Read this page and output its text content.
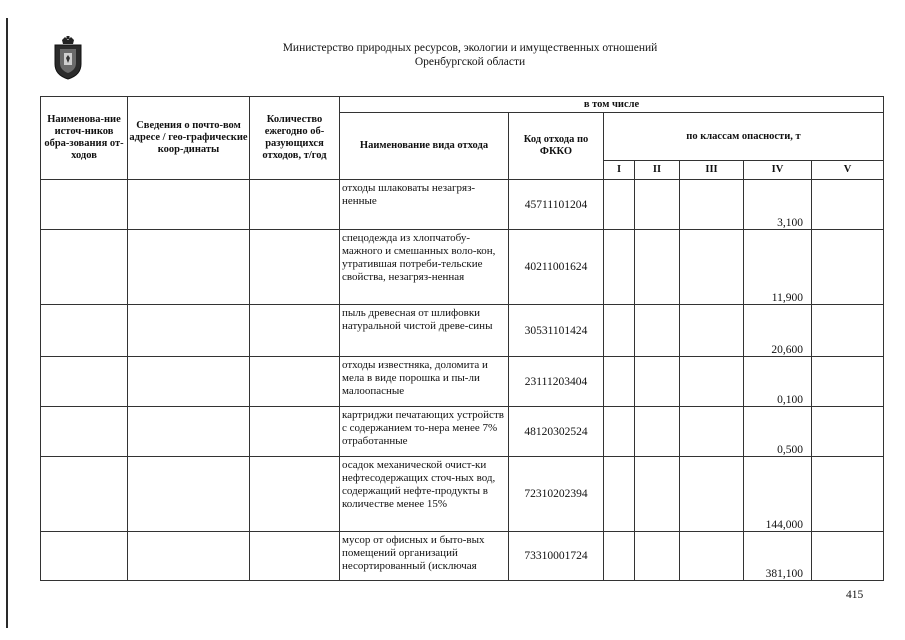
Министерство природных ресурсов, экологии и имущественных отношений
Оренбургской области
Наименова-ние источ-ников обра-зования от-ходов	Сведения о почто-вом адресе / гео-графические коор-динаты	Количество ежегодно об-разующихся отходов, т/год	в том числе						
			Наименование вида отхода	Код отхода по ФККО	по классам опасности, т				
					I	II	III	IV	V
			отходы шлаковаты незагряз-ненные	45711101204				3,100	
			спецодежда из хлопчатобу-мажного и смешанных воло-кон, утратившая потреби-тельские свойства, незагряз-ненная	40211001624				11,900	
			пыль древесная от шлифовки натуральной чистой древе-сины	30531101424				20,600	
			отходы известняка, доломита и мела в виде порошка и пы-ли малоопасные	23111203404				0,100	
			картриджи печатающих устройств с содержанием то-нера менее 7% отработанные	48120302524				0,500	
			осадок механической очист-ки нефтесодержащих сточ-ных вод, содержащий нефте-продукты в количестве менее 15%	72310202394				144,000	
			мусор от офисных и быто-вых помещений организаций несортированный (исключая	73310001724				381,100	
415
